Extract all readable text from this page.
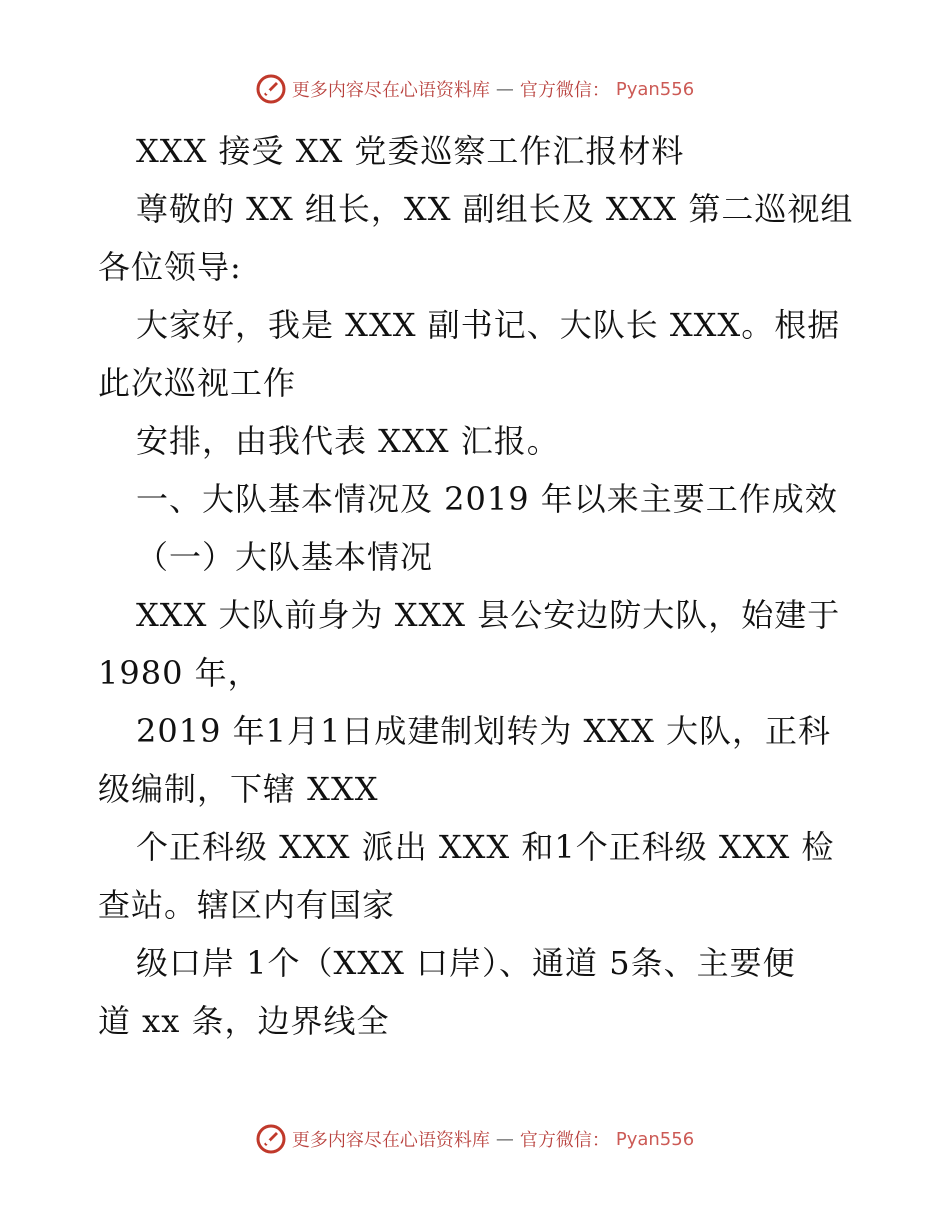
更多内容尽在心语资料库 — 官方微信： Pyan556
XXX 接受 XX 党委巡察工作汇报材料
尊敬的 XX 组长，XX 副组长及 XXX 第二巡视组
各位领导:
大家好，我是 XXX 副书记、大队长 XXX。根据
此次巡视工作
安排，由我代表 XXX 汇报。
一、大队基本情况及 2019 年以来主要工作成效
（一）大队基本情况
XXX 大队前身为 XXX 县公安边防大队，始建于
1980 年，
2019 年1月1日成建制划转为 XXX 大队，正科
级编制，下辖 XXX
个正科级 XXX 派出 XXX 和1个正科级 XXX 检
查站。辖区内有国家
级口岸 1个（XXX 口岸）、通道 5条、主要便
道 xx 条，边界线全
更多内容尽在心语资料库 — 官方微信： Pyan556
